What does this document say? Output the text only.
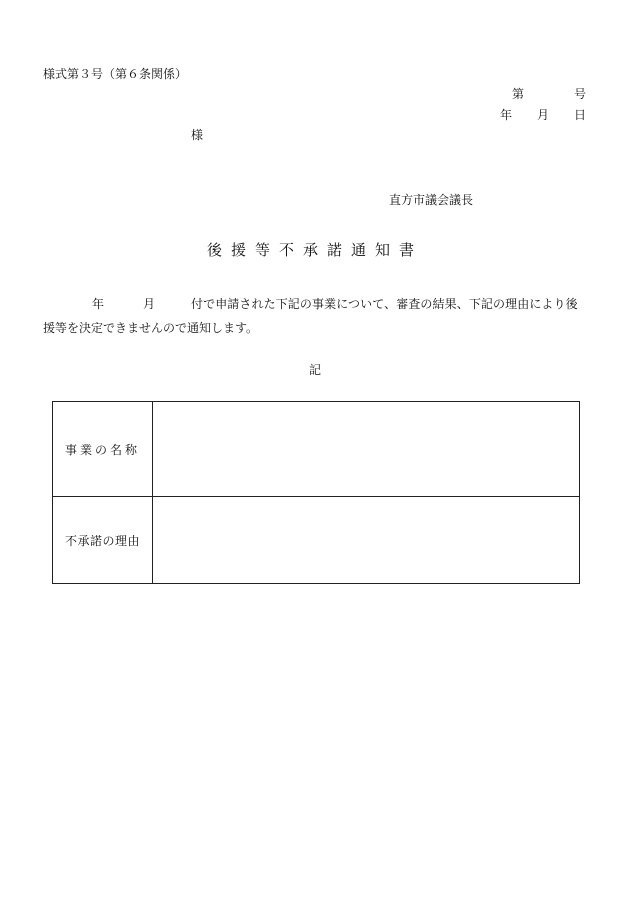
様式第３号（第６条関係）
第	号
年 月 日
様
直方市議会議長
後援等不承諾通知書
年	月	付で申請された下記の事業について、審査の結果、下記の理由により後
援等を決定できませんので通知します。
記
事業の名称
不承諾の理由
